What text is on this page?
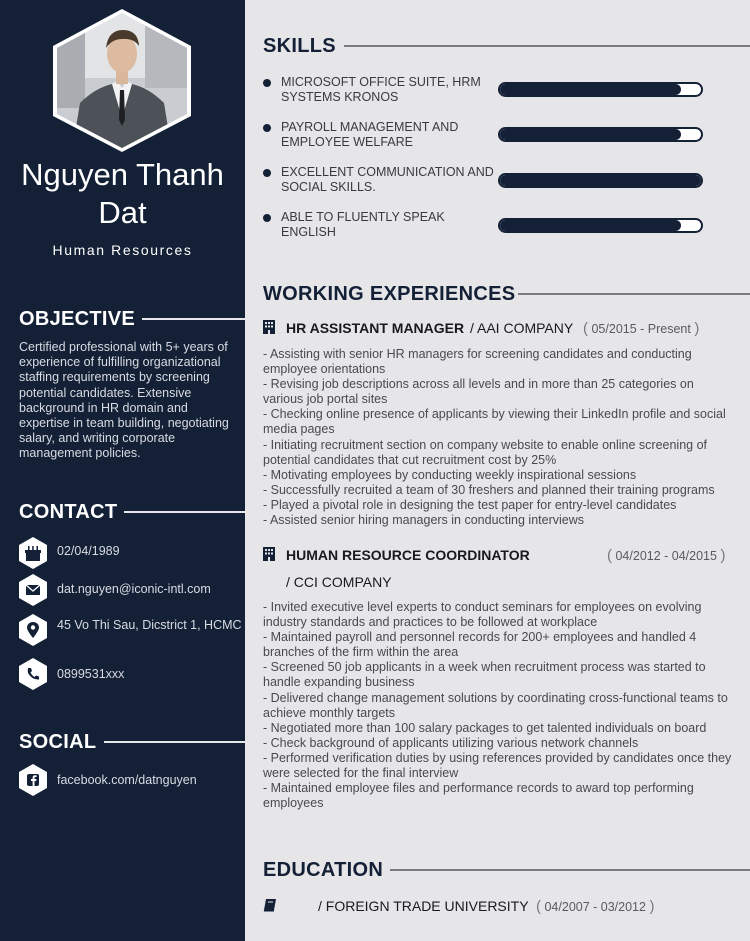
Nguyen Thanh Dat
Human Resources
OBJECTIVE
Certified professional with 5+ years of experience of fulfilling organizational staffing requirements by screening potential candidates. Extensive background in HR domain and expertise in team building, negotiating salary, and writing corporate management policies.
CONTACT
02/04/1989
dat.nguyen@iconic-intl.com
45 Vo Thi Sau, Dicstrict 1, HCMC
0899531xxx
SOCIAL
facebook.com/datnguyen
SKILLS
MICROSOFT OFFICE SUITE, HRM SYSTEMS KRONOS
PAYROLL MANAGEMENT AND EMPLOYEE WELFARE
EXCELLENT COMMUNICATION AND SOCIAL SKILLS.
ABLE TO FLUENTLY SPEAK ENGLISH
WORKING EXPERIENCES
HR ASSISTANT MANAGER / AAI COMPANY ( 05/2015 - Present )
- Assisting with senior HR managers for screening candidates and conducting employee orientations
- Revising job descriptions across all levels and in more than 25 categories on various job portal sites
- Checking online presence of applicants by viewing their LinkedIn profile and social media pages
- Initiating recruitment section on company website to enable online screening of potential candidates that cut recruitment cost by 25%
- Motivating employees by conducting weekly inspirational sessions
- Successfully recruited a team of 30 freshers and planned their training programs
- Played a pivotal role in designing the test paper for entry-level candidates
- Assisted senior hiring managers in conducting interviews
HUMAN RESOURCE COORDINATOR	( 04/2012 - 04/2015 )
/ CCI COMPANY
- Invited executive level experts to conduct seminars for employees on evolving industry standards and practices to be followed at workplace
- Maintained payroll and personnel records for 200+ employees and handled 4 branches of the firm within the area
- Screened 50 job applicants in a week when recruitment process was started to handle expanding business
- Delivered change management solutions by coordinating cross-functional teams to achieve monthly targets
- Negotiated more than 100 salary packages to get talented individuals on board
- Check background of applicants utilizing various network channels
- Performed verification duties by using references provided by candidates once they were selected for the final interview
- Maintained employee files and performance records to award top performing employees
EDUCATION
/ FOREIGN TRADE UNIVERSITY ( 04/2007 - 03/2012 )
